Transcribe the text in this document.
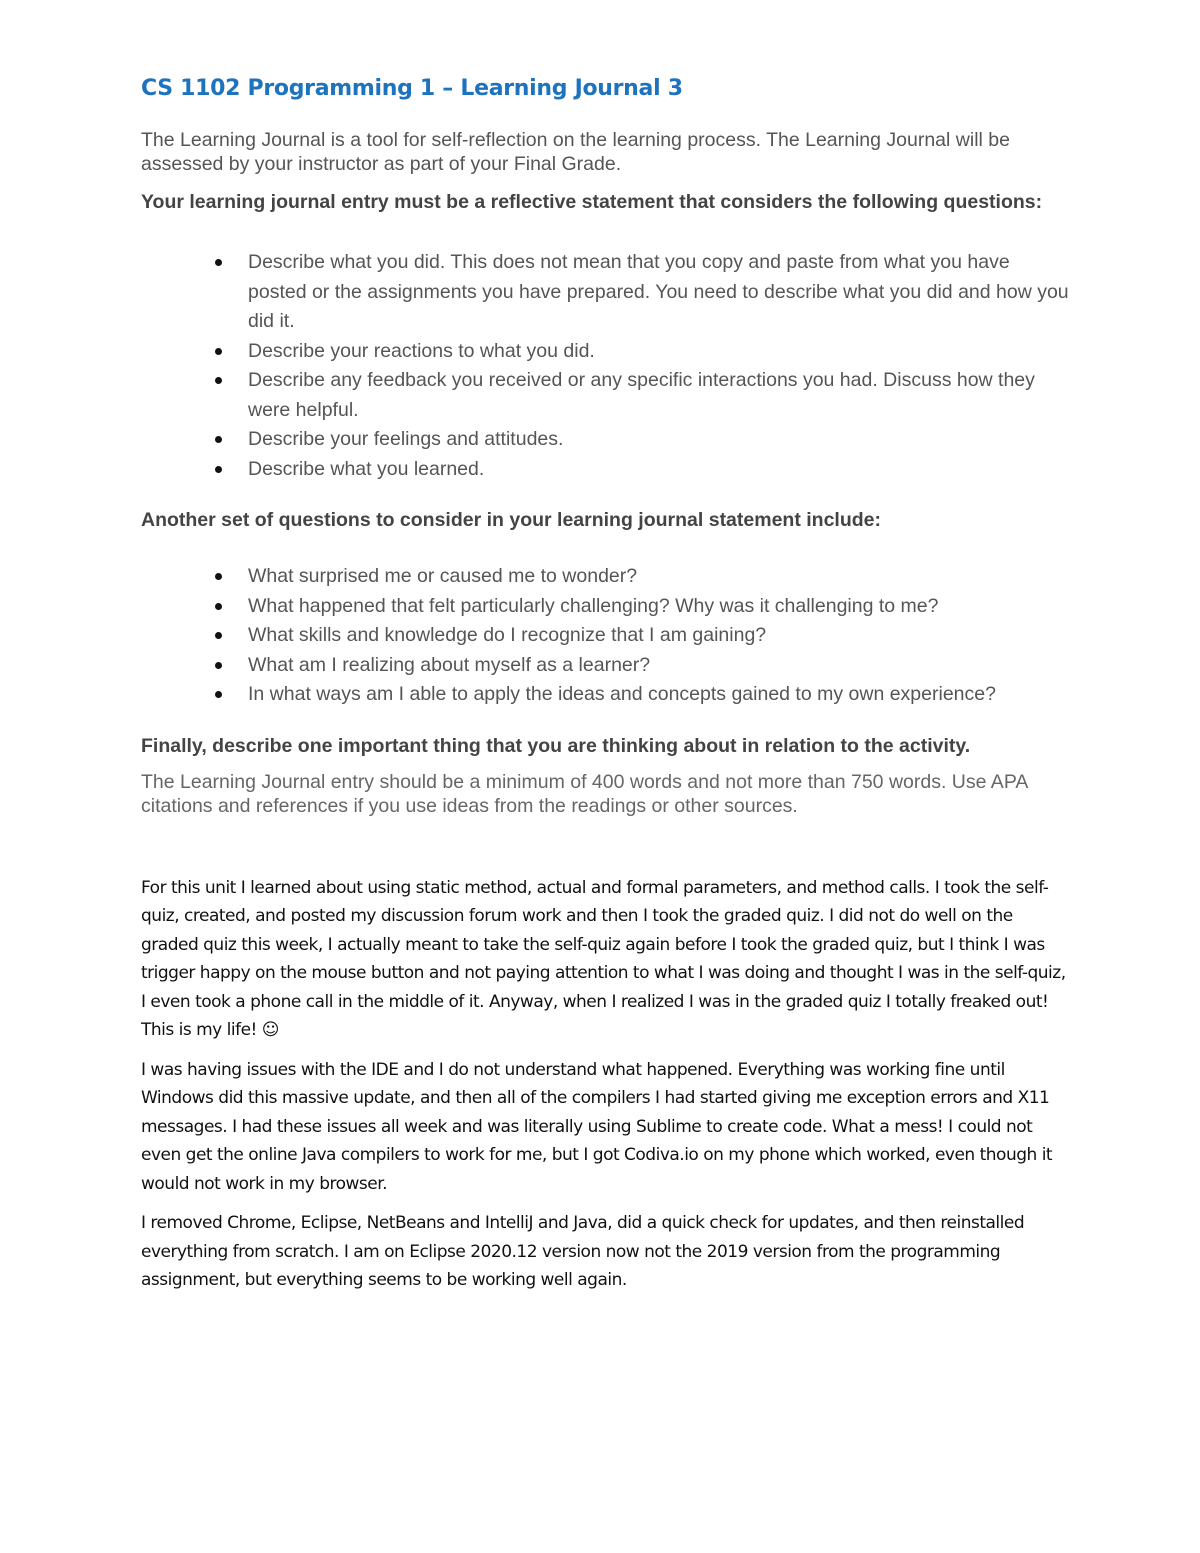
CS 1102 Programming 1 – Learning Journal 3

The Learning Journal is a tool for self-reflection on the learning process. The Learning Journal will be assessed by your instructor as part of your Final Grade.

Your learning journal entry must be a reflective statement that considers the following questions:

Describe what you did. This does not mean that you copy and paste from what you have posted or the assignments you have prepared. You need to describe what you did and how you did it.
Describe your reactions to what you did.
Describe any feedback you received or any specific interactions you had. Discuss how they were helpful.
Describe your feelings and attitudes.
Describe what you learned.

Another set of questions to consider in your learning journal statement include:

What surprised me or caused me to wonder?
What happened that felt particularly challenging? Why was it challenging to me?
What skills and knowledge do I recognize that I am gaining?
What am I realizing about myself as a learner?
In what ways am I able to apply the ideas and concepts gained to my own experience?

Finally, describe one important thing that you are thinking about in relation to the activity.

The Learning Journal entry should be a minimum of 400 words and not more than 750 words. Use APA citations and references if you use ideas from the readings or other sources.

For this unit I learned about using static method, actual and formal parameters, and method calls. I took the self-quiz, created, and posted my discussion forum work and then I took the graded quiz. I did not do well on the graded quiz this week, I actually meant to take the self-quiz again before I took the graded quiz, but I think I was trigger happy on the mouse button and not paying attention to what I was doing and thought I was in the self-quiz, I even took a phone call in the middle of it. Anyway, when I realized I was in the graded quiz I totally freaked out! This is my life! ☺

I was having issues with the IDE and I do not understand what happened. Everything was working fine until Windows did this massive update, and then all of the compilers I had started giving me exception errors and X11 messages. I had these issues all week and was literally using Sublime to create code. What a mess! I could not even get the online Java compilers to work for me, but I got Codiva.io on my phone which worked, even though it would not work in my browser.

I removed Chrome, Eclipse, NetBeans and IntelliJ and Java, did a quick check for updates, and then reinstalled everything from scratch. I am on Eclipse 2020.12 version now not the 2019 version from the programming assignment, but everything seems to be working well again.
